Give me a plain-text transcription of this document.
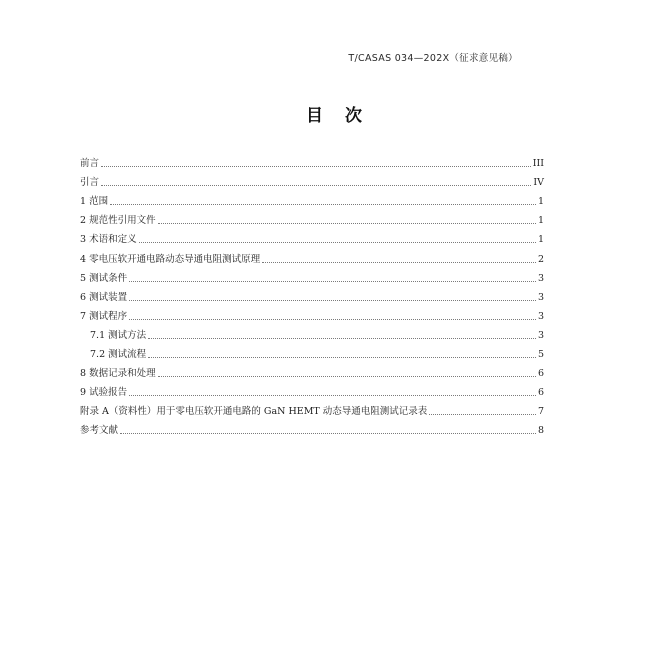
T/CASAS 034—202X（征求意见稿）
目次
前言	III
引言	IV
1 范围	1
2 规范性引用文件	1
3 术语和定义	1
4 零电压软开通电路动态导通电阻测试原理	2
5 测试条件	3
6 测试装置	3
7 测试程序	3
7.1 测试方法	3
7.2 测试流程	5
8 数据记录和处理	6
9 试验报告	6
附录 A（资料性）用于零电压软开通电路的 GaN HEMT 动态导通电阻测试记录表	7
参考文献	8
